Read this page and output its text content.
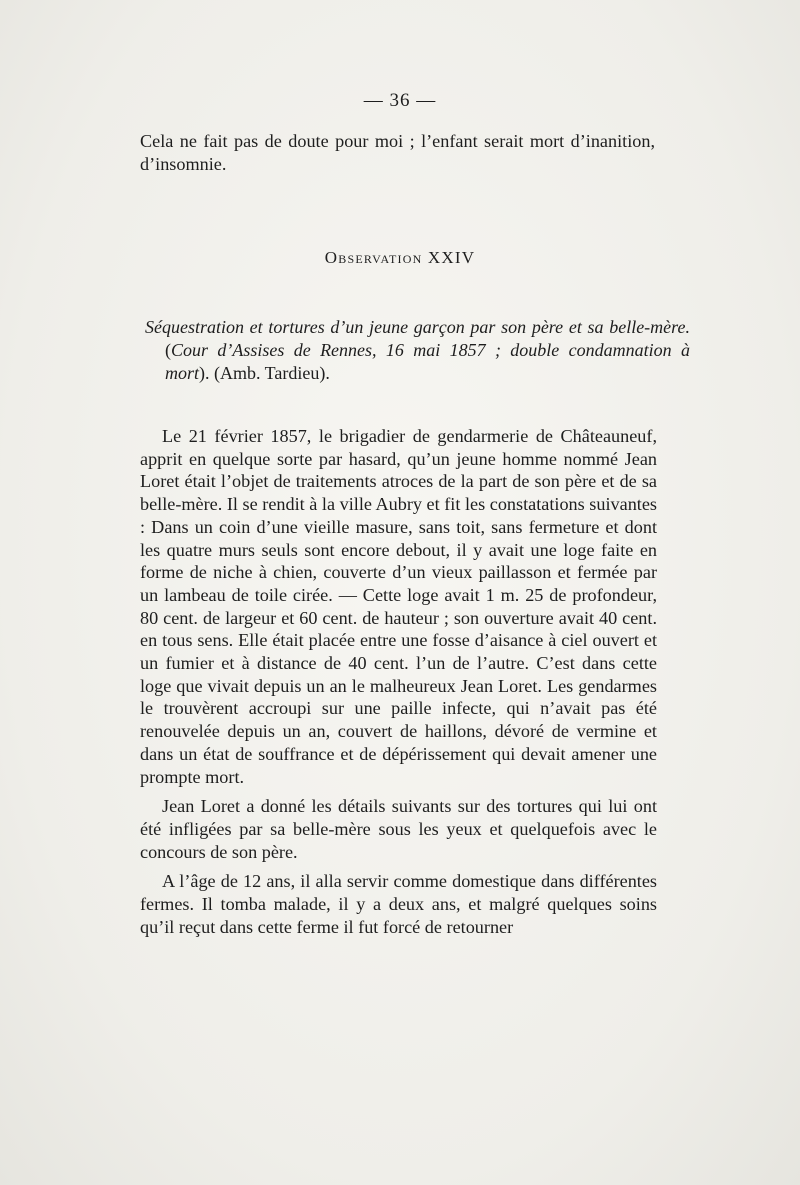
— 36 —

Cela ne fait pas de doute pour moi ; l’enfant serait mort d’inanition, d’insomnie.

Observation XXIV
Séquestration et tortures d’un jeune garçon par son père et sa belle-mère. (Cour d’Assises de Rennes, 16 mai 1857 ; double condamnation à mort). (Amb. Tardieu).

Le 21 février 1857, le brigadier de gendarmerie de Châteauneuf, apprit en quelque sorte par hasard, qu’un jeune homme nommé Jean Loret était l’objet de traitements atroces de la part de son père et de sa belle-mère. Il se rendit à la ville Aubry et fit les constatations suivantes : Dans un coin d’une vieille masure, sans toit, sans fermeture et dont les quatre murs seuls sont encore debout, il y avait une loge faite en forme de niche à chien, couverte d’un vieux paillasson et fermée par un lambeau de toile cirée. — Cette loge avait 1 m. 25 de profondeur, 80 cent. de largeur et 60 cent. de hauteur ; son ouverture avait 40 cent. en tous sens. Elle était placée entre une fosse d’aisance à ciel ouvert et un fumier et à distance de 40 cent. l’un de l’autre. C’est dans cette loge que vivait depuis un an le malheureux Jean Loret. Les gendarmes le trouvèrent accroupi sur une paille infecte, qui n’avait pas été renouvelée depuis un an, couvert de haillons, dévoré de vermine et dans un état de souffrance et de dépérissement qui devait amener une prompte mort.

Jean Loret a donné les détails suivants sur des tortures qui lui ont été infligées par sa belle-mère sous les yeux et quelquefois avec le concours de son père.

A l’âge de 12 ans, il alla servir comme domestique dans différentes fermes. Il tomba malade, il y a deux ans, et malgré quelques soins qu’il reçut dans cette ferme il fut forcé de retourner
